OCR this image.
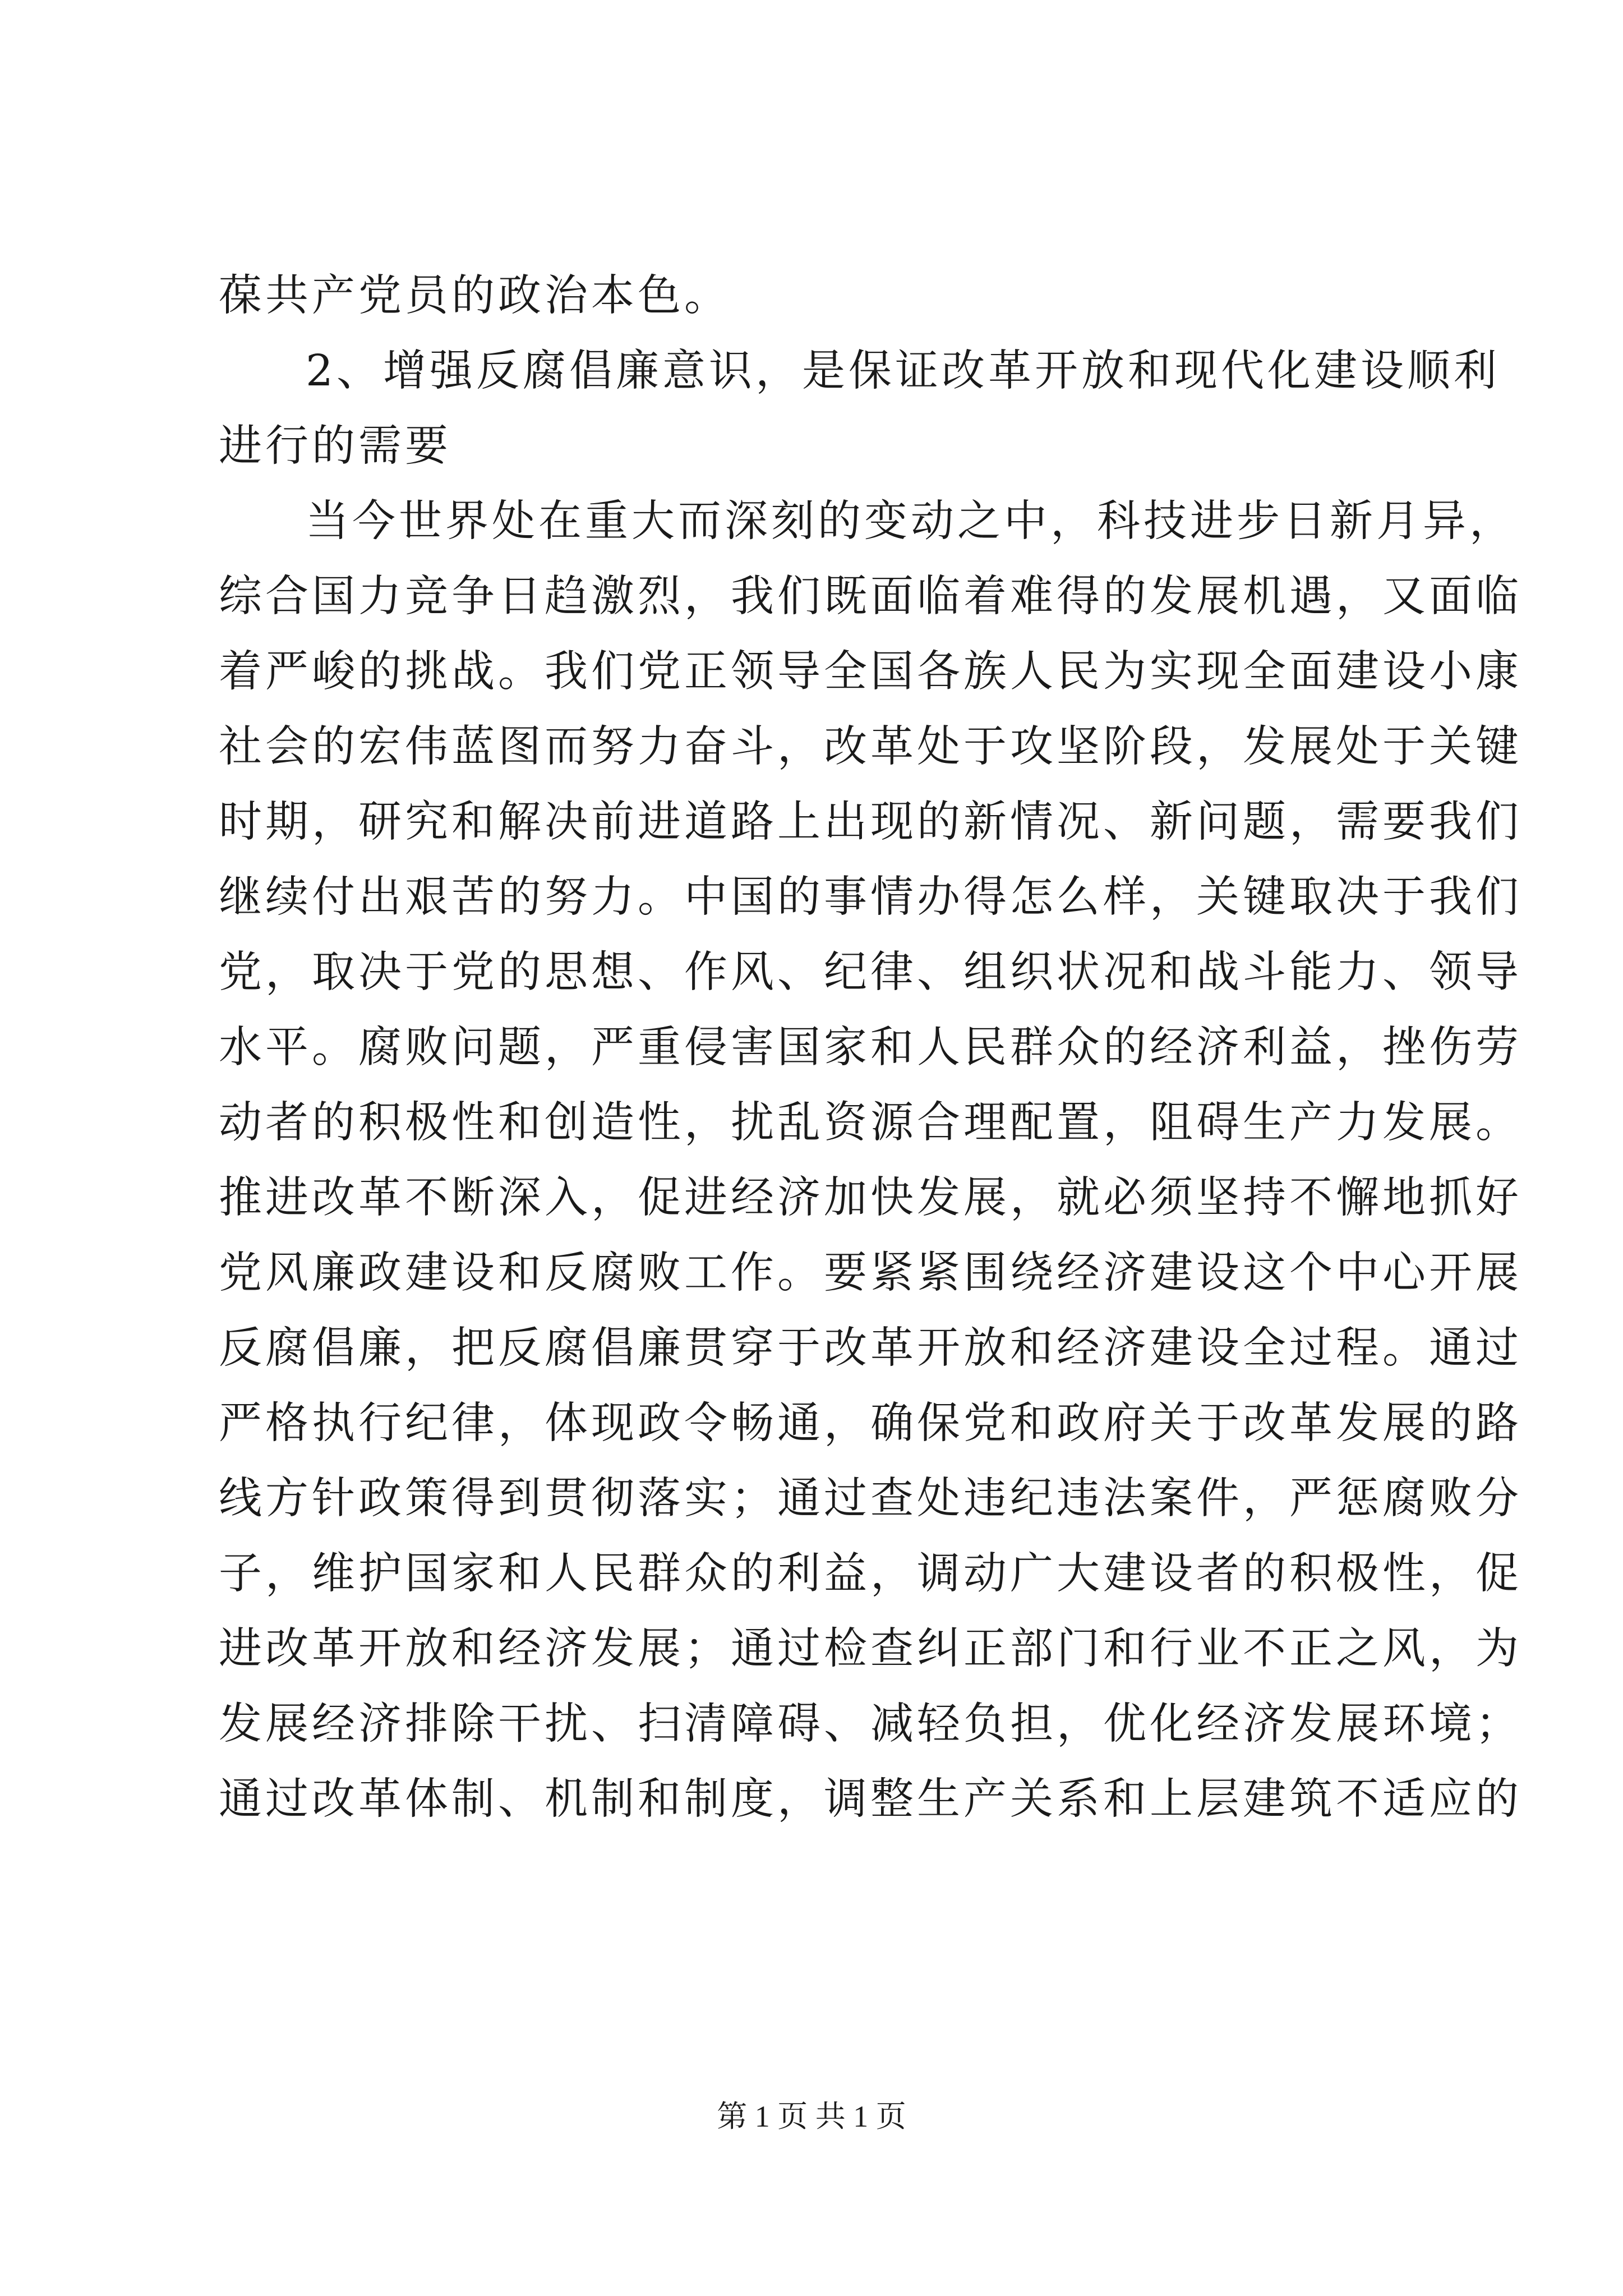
葆共产党员的政治本色。
2、增强反腐倡廉意识，是保证改革开放和现代化建设顺利
进行的需要
当今世界处在重大而深刻的变动之中，科技进步日新月异，
综合国力竞争日趋激烈，我们既面临着难得的发展机遇，又面临
着严峻的挑战。我们党正领导全国各族人民为实现全面建设小康
社会的宏伟蓝图而努力奋斗，改革处于攻坚阶段，发展处于关键
时期，研究和解决前进道路上出现的新情况、新问题，需要我们
继续付出艰苦的努力。中国的事情办得怎么样，关键取决于我们
党，取决于党的思想、作风、纪律、组织状况和战斗能力、领导
水平。腐败问题，严重侵害国家和人民群众的经济利益，挫伤劳
动者的积极性和创造性，扰乱资源合理配置，阻碍生产力发展。
推进改革不断深入，促进经济加快发展，就必须坚持不懈地抓好
党风廉政建设和反腐败工作。要紧紧围绕经济建设这个中心开展
反腐倡廉，把反腐倡廉贯穿于改革开放和经济建设全过程。通过
严格执行纪律，体现政令畅通，确保党和政府关于改革发展的路
线方针政策得到贯彻落实；通过查处违纪违法案件，严惩腐败分
子，维护国家和人民群众的利益，调动广大建设者的积极性，促
进改革开放和经济发展；通过检查纠正部门和行业不正之风，为
发展经济排除干扰、扫清障碍、减轻负担，优化经济发展环境；
通过改革体制、机制和制度，调整生产关系和上层建筑不适应的
第 1 页 共 1 页
